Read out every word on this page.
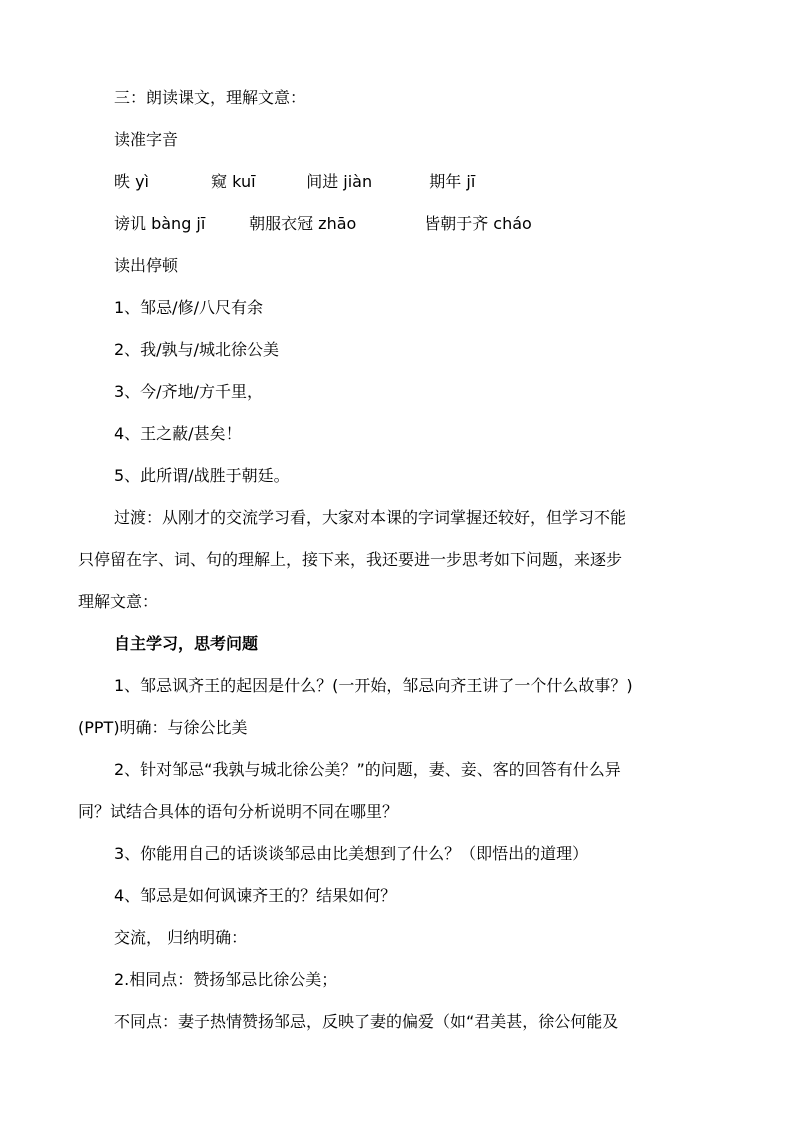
三：朗读课文，理解文意：
读准字音
昳 yì	窥 kuī	间进 jiàn	期年 jī
谤讥 bàng jī	朝服衣冠 zhāo	皆朝于齐 cháo
读出停顿
1、邹忌/修/八尺有余
2、我/孰与/城北徐公美
3、今/齐地/方千里，
4、王之蔽/甚矣！
5、此所谓/战胜于朝廷。
过渡：从刚才的交流学习看，大家对本课的字词掌握还较好，但学习不能
只停留在字、词、句的理解上，接下来，我还要进一步思考如下问题，来逐步
理解文意：
自主学习，思考问题
1、邹忌讽齐王的起因是什么？(一开始，邹忌向齐王讲了一个什么故事？)
(PPT)明确：与徐公比美
2、针对邹忌“我孰与城北徐公美？”的问题，妻、妾、客的回答有什么异
同？试结合具体的语句分析说明不同在哪里？
3、你能用自己的话谈谈邹忌由比美想到了什么？（即悟出的道理）
4、邹忌是如何讽谏齐王的？结果如何？
交流， 归纳明确：
2.相同点：赞扬邹忌比徐公美；
不同点：妻子热情赞扬邹忌，反映了妻的偏爱（如“君美甚，徐公何能及
